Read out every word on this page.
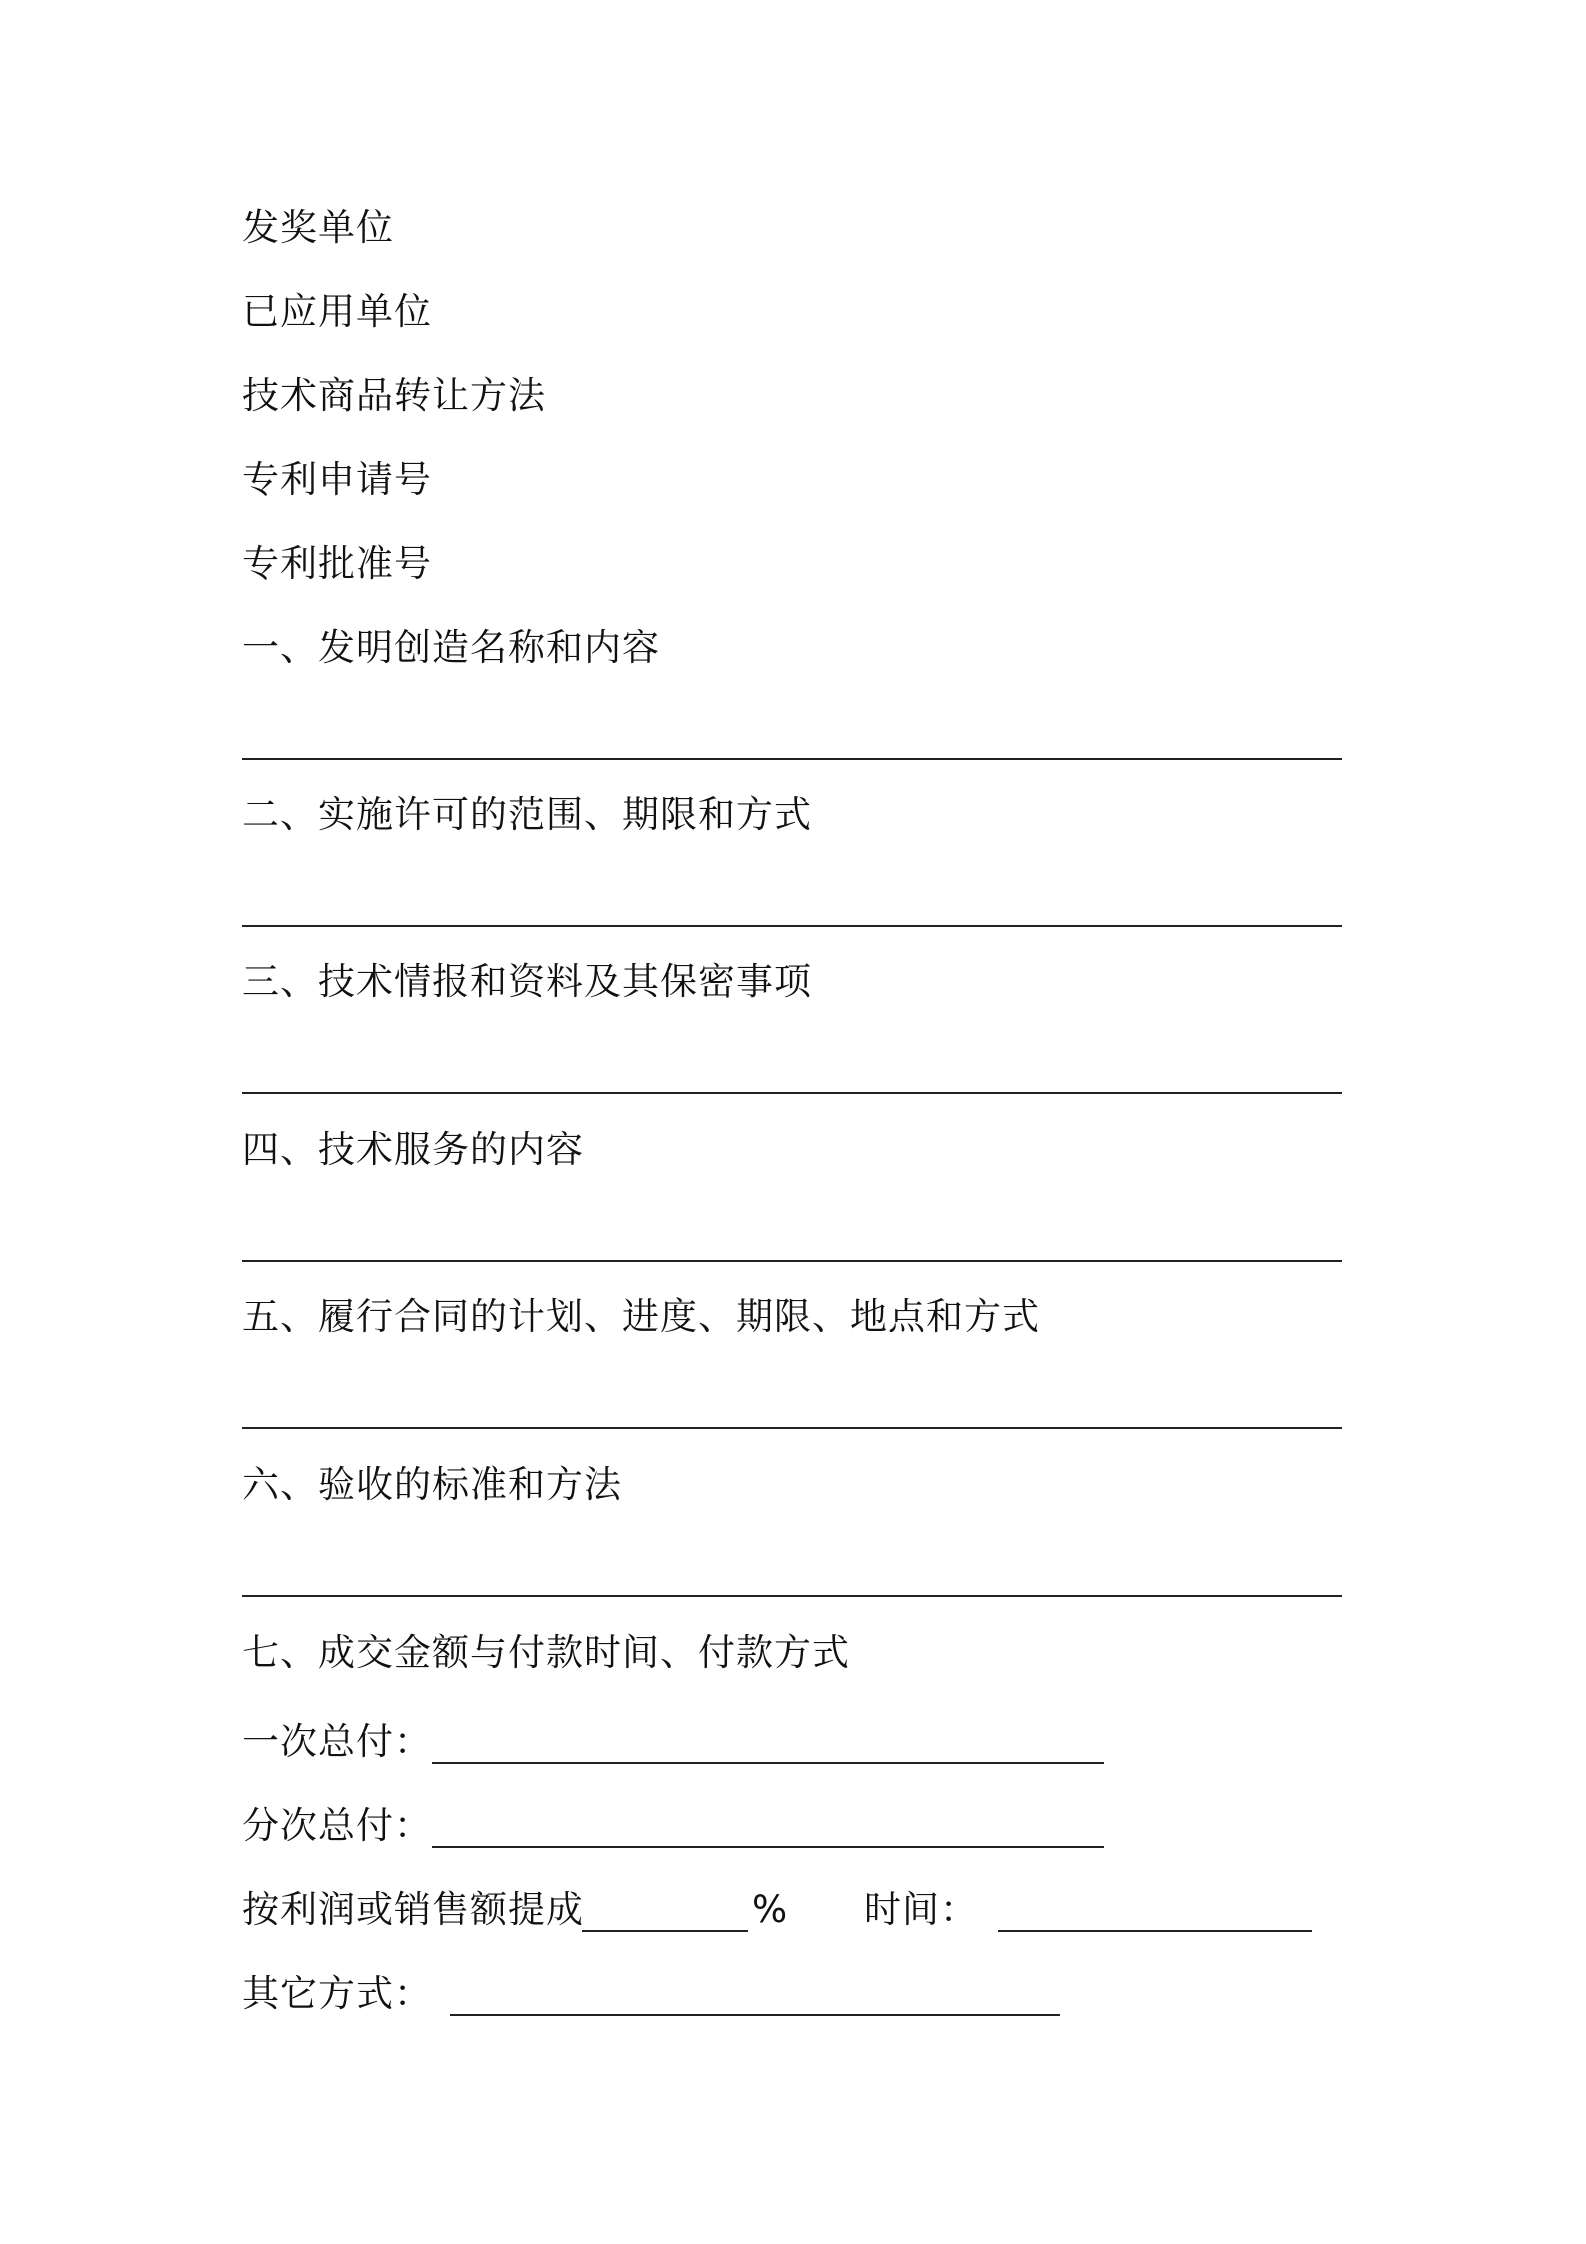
发奖单位
已应用单位
技术商品转让方法
专利申请号
专利批准号
一、发明创造名称和内容
二、实施许可的范围、期限和方式
三、技术情报和资料及其保密事项
四、技术服务的内容
五、履行合同的计划、进度、期限、地点和方式
六、验收的标准和方法
七、成交金额与付款时间、付款方式
一次总付：
分次总付：
按利润或销售额提成	% 时间：
其它方式：
